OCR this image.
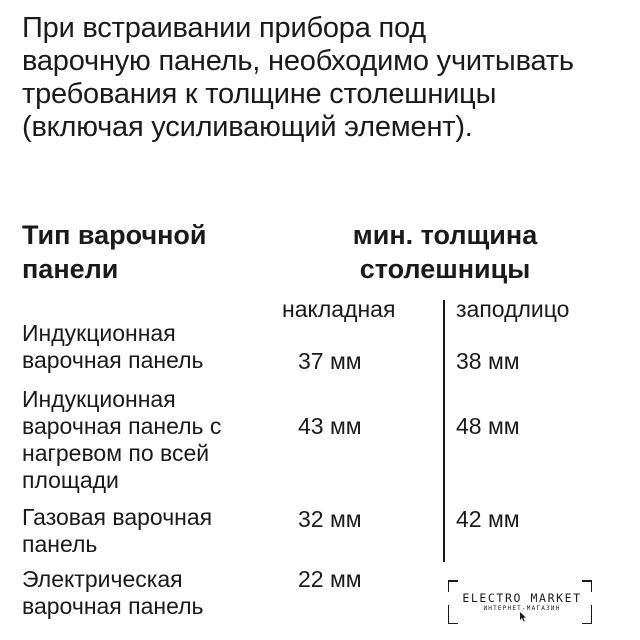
При встраивании прибора под
варочную панель, необходимо учитывать
требования к толщине столешницы
(включая усиливающий элемент).
Тип варочной
панели
мин. толщина
столешницы
накладная	заподлицо
Индукционная
варочная панель	37 мм	38 мм
Индукционная
варочная панель с
нагревом по всей
площади
43 мм	48 мм
Газовая варочная
панель
32 мм	42 мм
Электрическая
варочная панель
22 мм
ELECTRO MARKET
ИНТЕРНЕТ-МАГАЗИН
